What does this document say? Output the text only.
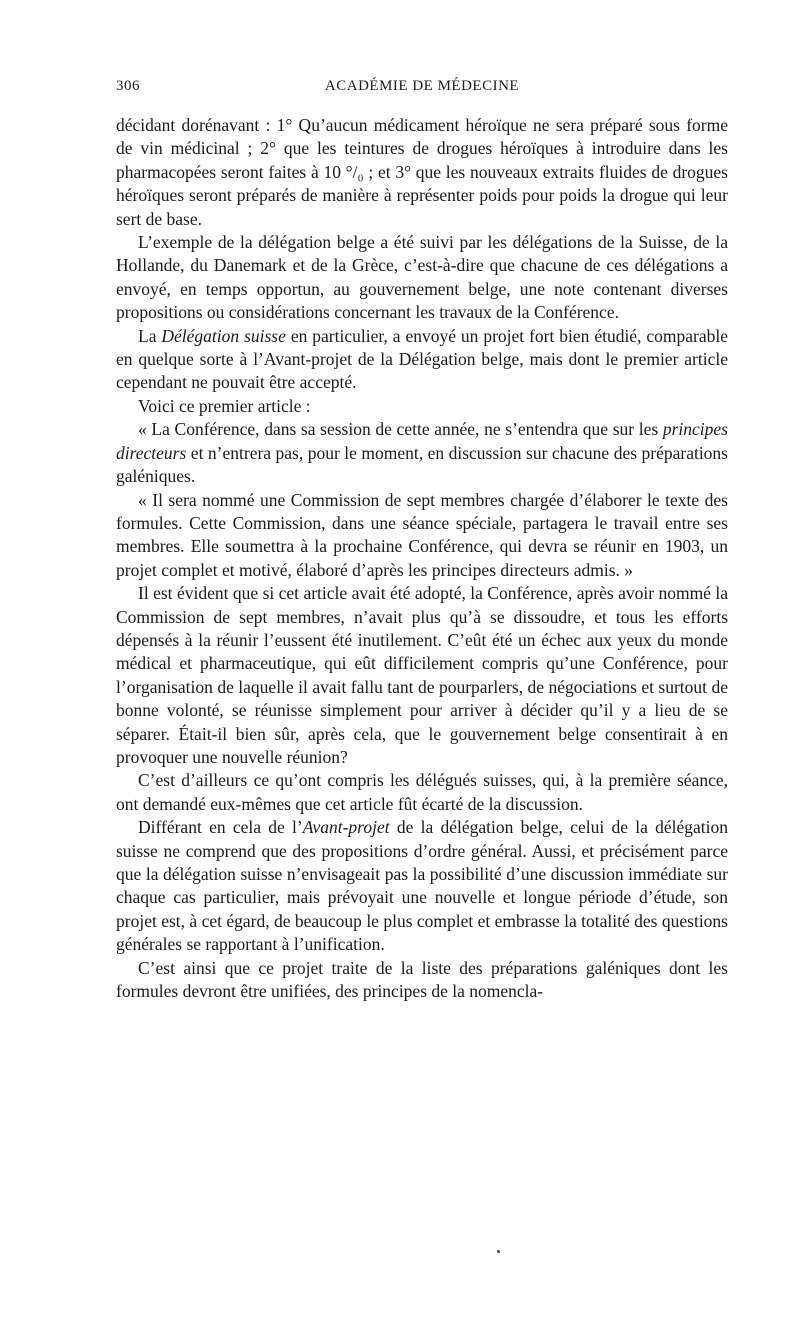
306	ACADÉMIE DE MÉDECINE

décidant dorénavant : 1° Qu’aucun médicament héroïque ne sera préparé sous forme de vin médicinal ; 2° que les teintures de drogues héroïques à introduire dans les pharmacopées seront faites à 10 °/₀ ; et 3° que les nouveaux extraits fluides de drogues héroïques seront préparés de manière à représenter poids pour poids la drogue qui leur sert de base.

L’exemple de la délégation belge a été suivi par les délégations de la Suisse, de la Hollande, du Danemark et de la Grèce, c’est-à-dire que chacune de ces délégations a envoyé, en temps opportun, au gouvernement belge, une note contenant diverses propositions ou considérations concernant les travaux de la Conférence.

La Délégation suisse en particulier, a envoyé un projet fort bien étudié, comparable en quelque sorte à l’Avant-projet de la Délégation belge, mais dont le premier article cependant ne pouvait être accepté.

Voici ce premier article :

« La Conférence, dans sa session de cette année, ne s’entendra que sur les principes directeurs et n’entrera pas, pour le moment, en discussion sur chacune des préparations galéniques.

« Il sera nommé une Commission de sept membres chargée d’élaborer le texte des formules. Cette Commission, dans une séance spéciale, partagera le travail entre ses membres. Elle soumettra à la prochaine Conférence, qui devra se réunir en 1903, un projet complet et motivé, élaboré d’après les principes directeurs admis. »

Il est évident que si cet article avait été adopté, la Conférence, après avoir nommé la Commission de sept membres, n’avait plus qu’à se dissoudre, et tous les efforts dépensés à la réunir l’eussent été inutilement. C’eût été un échec aux yeux du monde médical et pharmaceutique, qui eût difficilement compris qu’une Conférence, pour l’organisation de laquelle il avait fallu tant de pourparlers, de négociations et surtout de bonne volonté, se réunisse simplement pour arriver à décider qu’il y a lieu de se séparer. Était-il bien sûr, après cela, que le gouvernement belge consentirait à en provoquer une nouvelle réunion?

C’est d’ailleurs ce qu’ont compris les délégués suisses, qui, à la première séance, ont demandé eux-mêmes que cet article fût écarté de la discussion.

Différant en cela de l’Avant-projet de la délégation belge, celui de la délégation suisse ne comprend que des propositions d’ordre général. Aussi, et précisément parce que la délégation suisse n’envisageait pas la possibilité d’une discussion immédiate sur chaque cas particulier, mais prévoyait une nouvelle et longue période d’étude, son projet est, à cet égard, de beaucoup le plus complet et embrasse la totalité des questions générales se rapportant à l’unification.

C’est ainsi que ce projet traite de la liste des préparations galéniques dont les formules devront être unifiées, des principes de la nomencla-
